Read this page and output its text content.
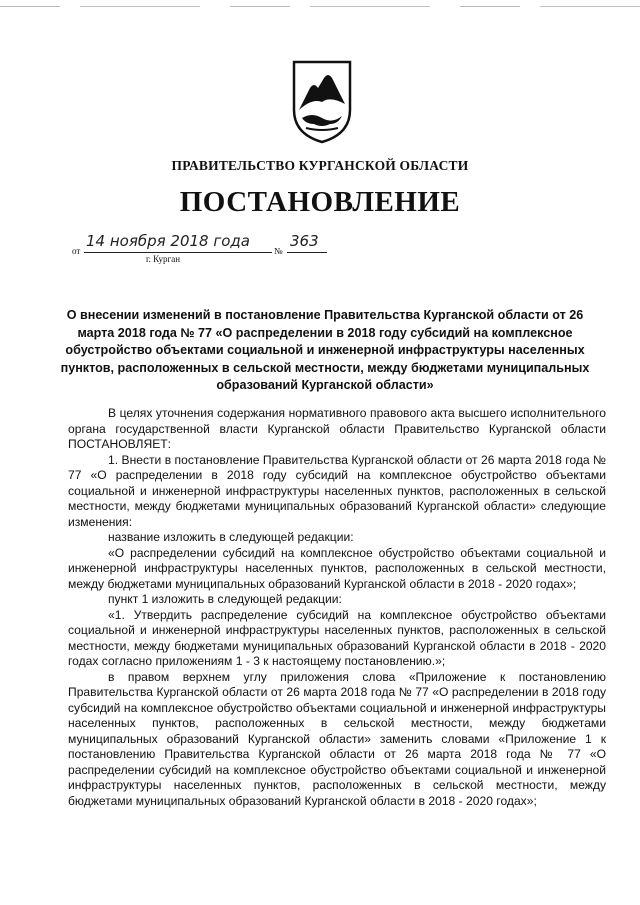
ПРАВИТЕЛЬСТВО КУРГАНСКОЙ ОБЛАСТИ
ПОСТАНОВЛЕНИЕ
от
14 ноября 2018 года
№
363
г. Курган
О внесении изменений в постановление Правительства Курганской области от 26 марта 2018 года № 77 «О распределении в 2018 году субсидий на комплексное обустройство объектами социальной и инженерной инфраструктуры населенных пунктов, расположенных в сельской местности, между бюджетами муниципальных образований Курганской области»

В целях уточнения содержания нормативного правового акта высшего исполнительного органа государственной власти Курганской области Правительство Курганской области ПОСТАНОВЛЯЕТ:

1. Внести в постановление Правительства Курганской области от 26 марта 2018 года № 77 «О распределении в 2018 году субсидий на комплексное обустройство объектами социальной и инженерной инфраструктуры населенных пунктов, расположенных в сельской местности, между бюджетами муниципальных образований Курганской области» следующие изменения:

название изложить в следующей редакции:

«О распределении субсидий на комплексное обустройство объектами социальной и инженерной инфраструктуры населенных пунктов, расположенных в сельской местности, между бюджетами муниципальных образований Курганской области в 2018 - 2020 годах»;

пункт 1 изложить в следующей редакции:

«1. Утвердить распределение субсидий на комплексное обустройство объектами социальной и инженерной инфраструктуры населенных пунктов, расположенных в сельской местности, между бюджетами муниципальных образований Курганской области в 2018 - 2020 годах согласно приложениям 1 - 3 к настоящему постановлению.»;

в правом верхнем углу приложения слова «Приложение к постановлению Правительства Курганской области от 26 марта 2018 года № 77 «О распределении в 2018 году субсидий на комплексное обустройство объектами социальной и инженерной инфраструктуры населенных пунктов, расположенных в сельской местности, между бюджетами муниципальных образований Курганской области» заменить словами «Приложение 1 к постановлению Правительства Курганской области от 26 марта 2018 года № 77 «О распределении субсидий на комплексное обустройство объектами социальной и инженерной инфраструктуры населенных пунктов, расположенных в сельской местности, между бюджетами муниципальных образований Курганской области в 2018 - 2020 годах»;
